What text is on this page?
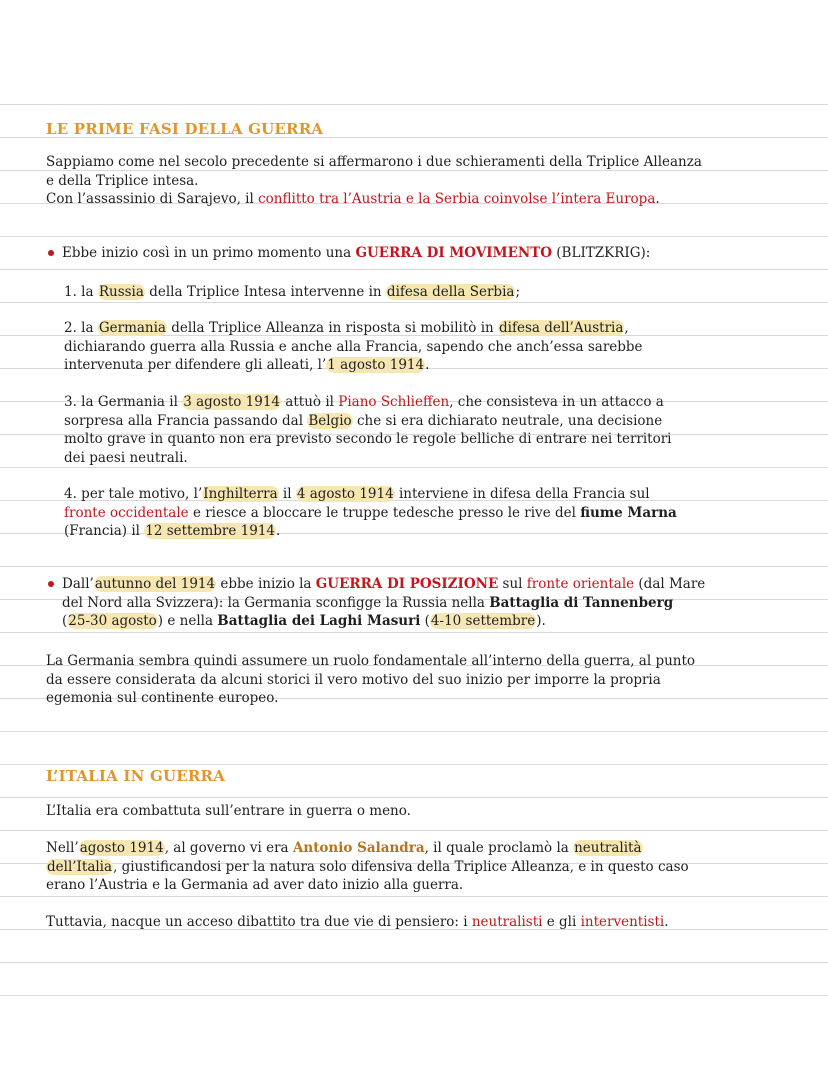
LE PRIME FASI DELLA GUERRA
Sappiamo come nel secolo precedente si affermarono i due schieramenti della Triplice Alleanza
e della Triplice intesa.
Con l’assassinio di Sarajevo, il conflitto tra l’Austria e la Serbia coinvolse l’intera Europa.
Ebbe inizio così in un primo momento una GUERRA DI MOVIMENTO (BLITZKRIG):
1. la Russia della Triplice Intesa intervenne in difesa della Serbia;
2. la Germania della Triplice Alleanza in risposta si mobilitò in difesa dell’Austria,
dichiarando guerra alla Russia e anche alla Francia, sapendo che anch’essa sarebbe
intervenuta per difendere gli alleati, l’1 agosto 1914.
3. la Germania il 3 agosto 1914 attuò il Piano Schlieffen, che consisteva in un attacco a
sorpresa alla Francia passando dal Belgio che si era dichiarato neutrale, una decisione
molto grave in quanto non era previsto secondo le regole belliche di entrare nei territori
dei paesi neutrali.
4. per tale motivo, l’Inghilterra il 4 agosto 1914 interviene in difesa della Francia sul
fronte occidentale e riesce a bloccare le truppe tedesche presso le rive del fiume Marna
(Francia) il 12 settembre 1914.
Dall’autunno del 1914 ebbe inizio la GUERRA DI POSIZIONE sul fronte orientale (dal Mare
del Nord alla Svizzera): la Germania sconfigge la Russia nella Battaglia di Tannenberg
(25-30 agosto) e nella Battaglia dei Laghi Masuri (4-10 settembre).
La Germania sembra quindi assumere un ruolo fondamentale all’interno della guerra, al punto
da essere considerata da alcuni storici il vero motivo del suo inizio per imporre la propria
egemonia sul continente europeo.
L’ITALIA IN GUERRA
L’Italia era combattuta sull’entrare in guerra o meno.
Nell’agosto 1914, al governo vi era Antonio Salandra, il quale proclamò la neutralità
dell’Italia, giustificandosi per la natura solo difensiva della Triplice Alleanza, e in questo caso
erano l’Austria e la Germania ad aver dato inizio alla guerra.
Tuttavia, nacque un acceso dibattito tra due vie di pensiero: i neutralisti e gli interventisti.
